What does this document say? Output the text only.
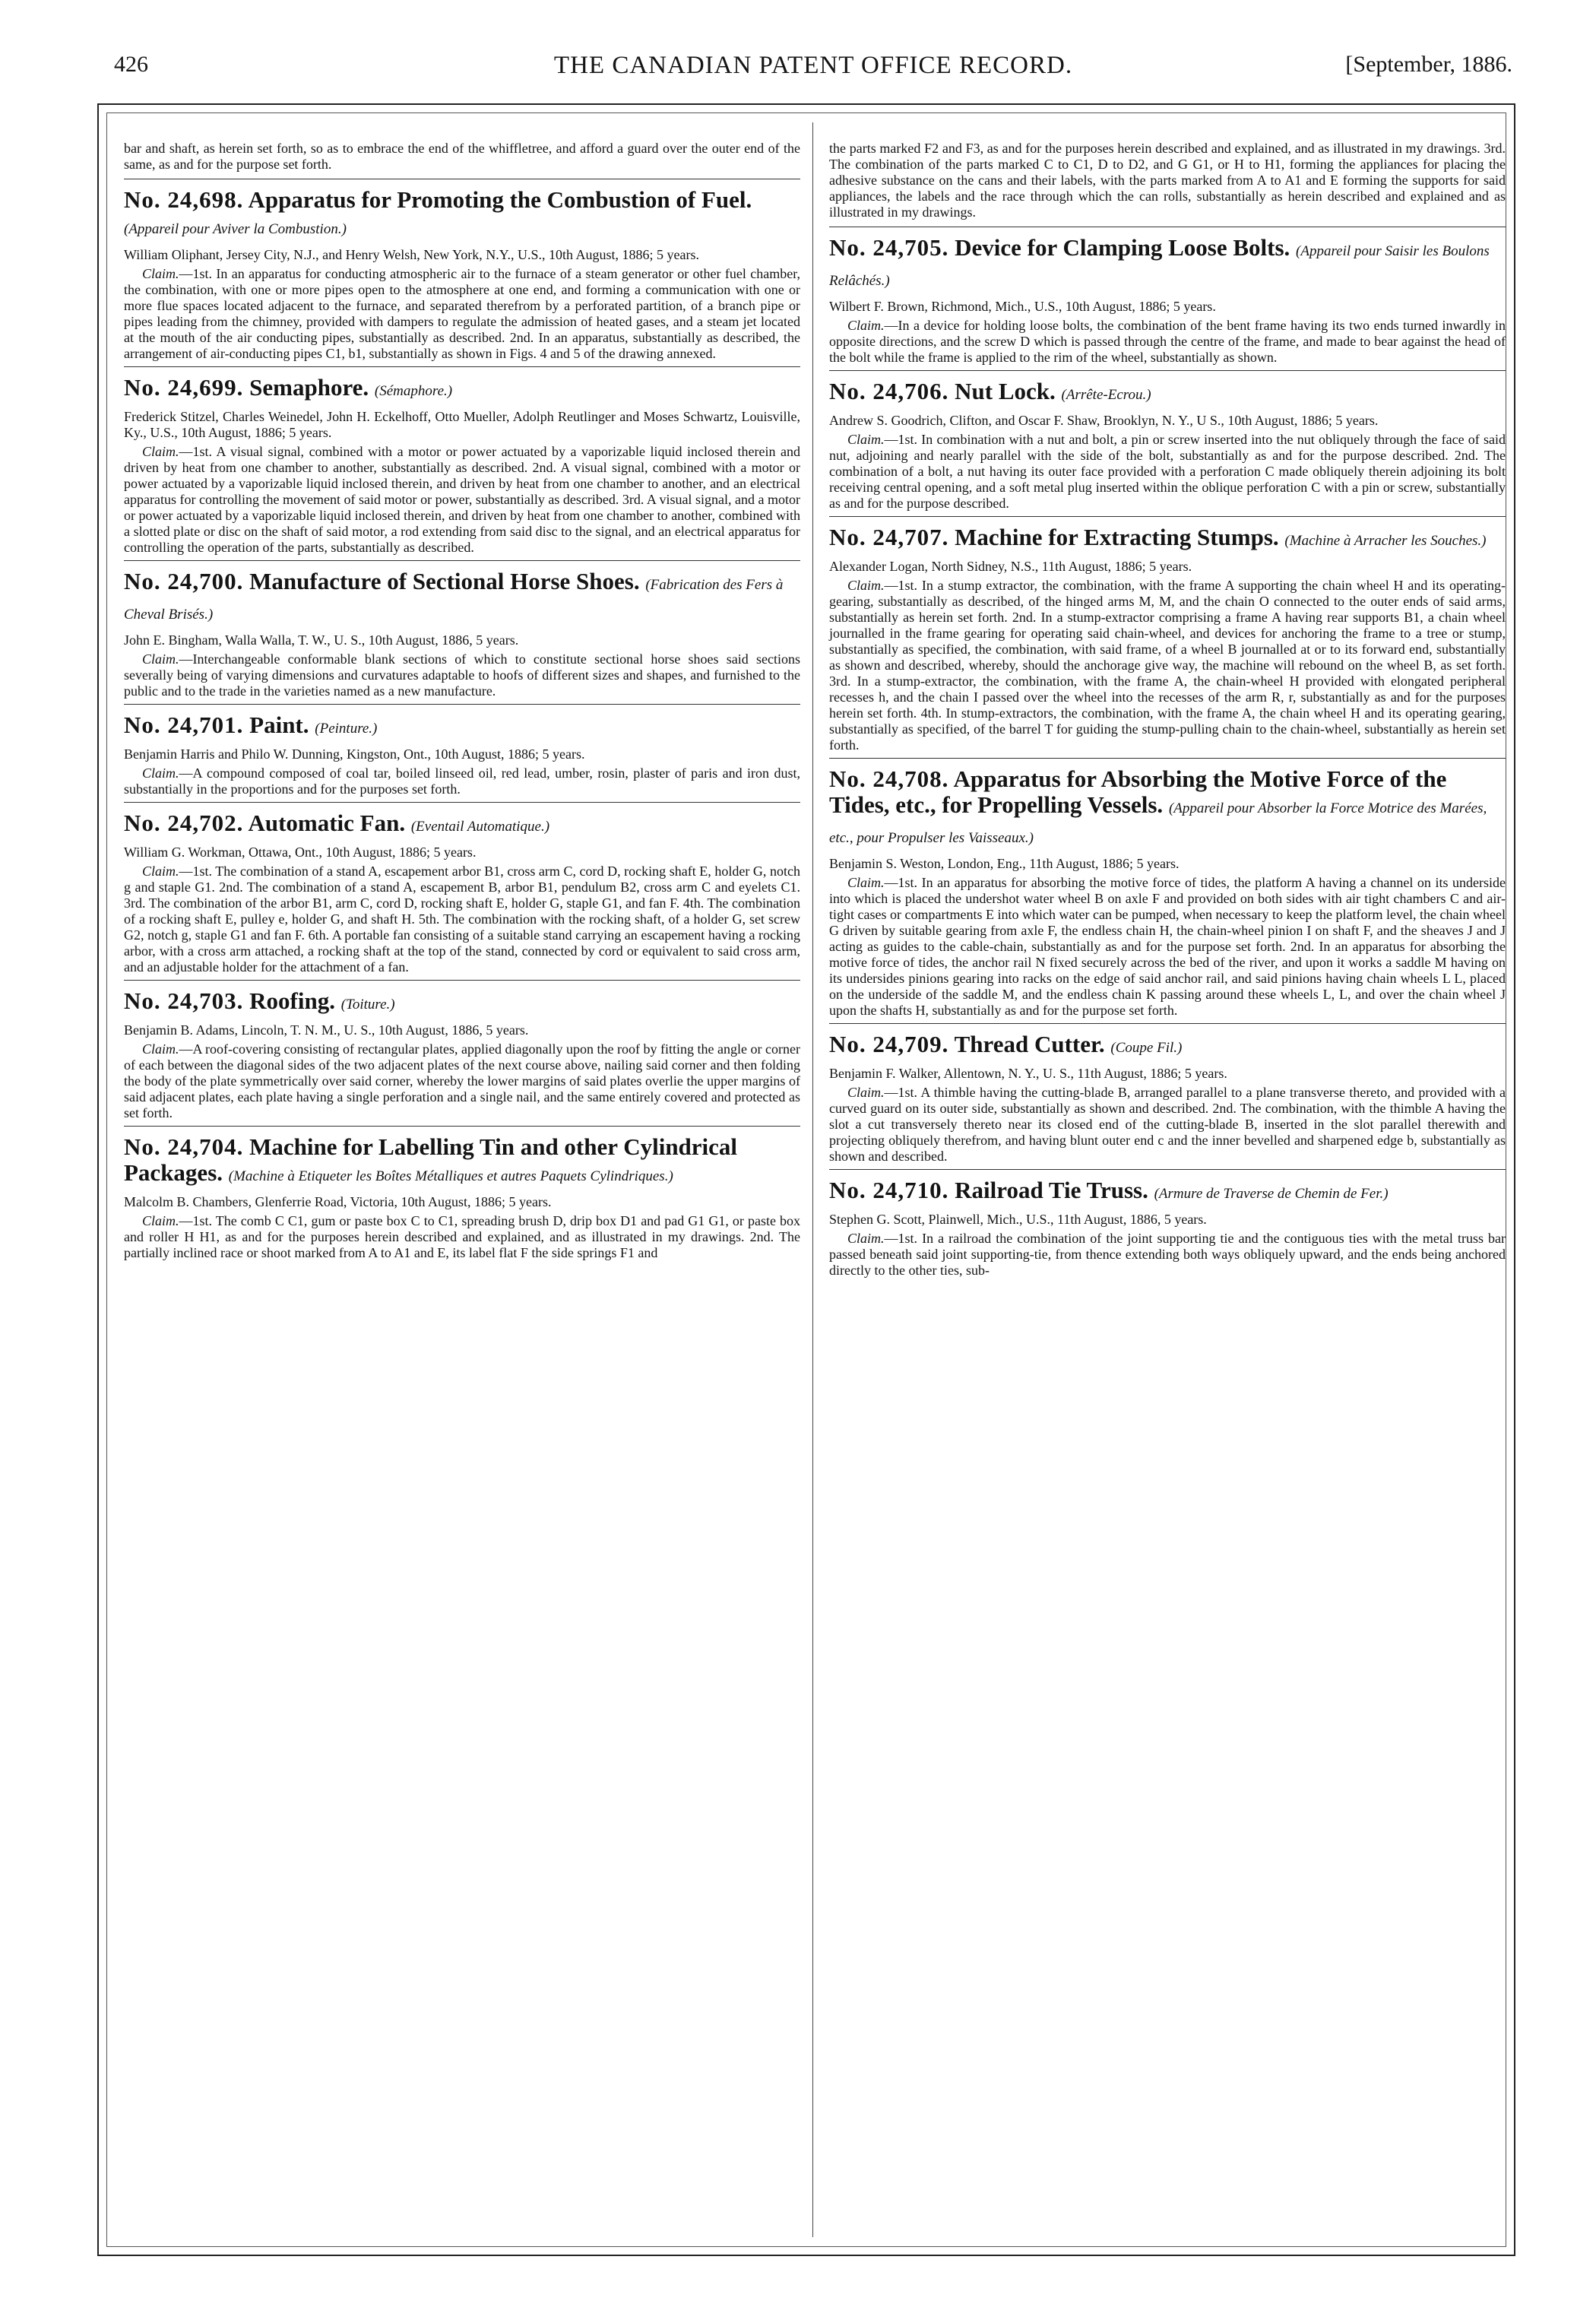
426	THE CANADIAN PATENT OFFICE RECORD.	[September, 1886.

bar and shaft, as herein set forth, so as to embrace the end of the whiffletree, and afford a guard over the outer end of the same, as and for the purpose set forth.

No. 24,698. Apparatus for Promoting the Combustion of Fuel. (Appareil pour Aviver la Combustion.)

William Oliphant, Jersey City, N.J., and Henry Welsh, New York, N.Y., U.S., 10th August, 1886; 5 years.

Claim.—1st. In an apparatus for conducting atmospheric air to the furnace of a steam generator or other fuel chamber, the combination, with one or more pipes open to the atmosphere at one end, and forming a communication with one or more flue spaces located adjacent to the furnace, and separated therefrom by a perforated partition, of a branch pipe or pipes leading from the chimney, provided with dampers to regulate the admission of heated gases, and a steam jet located at the mouth of the air conducting pipes, substantially as described. 2nd. In an apparatus, substantially as described, the arrangement of air-conducting pipes C1, b1, substantially as shown in Figs. 4 and 5 of the drawing annexed.

No. 24,699. Semaphore. (Sémaphore.)

Frederick Stitzel, Charles Weinedel, John H. Eckelhoff, Otto Mueller, Adolph Reutlinger and Moses Schwartz, Louisville, Ky., U.S., 10th August, 1886; 5 years.

Claim.—1st. A visual signal, combined with a motor or power actuated by a vaporizable liquid inclosed therein and driven by heat from one chamber to another, substantially as described. 2nd. A visual signal, combined with a motor or power actuated by a vaporizable liquid inclosed therein, and driven by heat from one chamber to another, and an electrical apparatus for controlling the movement of said motor or power, substantially as described. 3rd. A visual signal, and a motor or power actuated by a vaporizable liquid inclosed therein, and driven by heat from one chamber to another, combined with a slotted plate or disc on the shaft of said motor, a rod extending from said disc to the signal, and an electrical apparatus for controlling the operation of the parts, substantially as described.

No. 24,700. Manufacture of Sectional Horse Shoes. (Fabrication des Fers à Cheval Brisés.)

John E. Bingham, Walla Walla, T. W., U. S., 10th August, 1886, 5 years.

Claim.—Interchangeable conformable blank sections of which to constitute sectional horse shoes said sections severally being of varying dimensions and curvatures adaptable to hoofs of different sizes and shapes, and furnished to the public and to the trade in the varieties named as a new manufacture.

No. 24,701. Paint. (Peinture.)

Benjamin Harris and Philo W. Dunning, Kingston, Ont., 10th August, 1886; 5 years.

Claim.—A compound composed of coal tar, boiled linseed oil, red lead, umber, rosin, plaster of paris and iron dust, substantially in the proportions and for the purposes set forth.

No. 24,702. Automatic Fan. (Eventail Automatique.)

William G. Workman, Ottawa, Ont., 10th August, 1886; 5 years.

Claim.—1st. The combination of a stand A, escapement arbor B1, cross arm C, cord D, rocking shaft E, holder G, notch g and staple G1. 2nd. The combination of a stand A, escapement B, arbor B1, pendulum B2, cross arm C and eyelets C1. 3rd. The combination of the arbor B1, arm C, cord D, rocking shaft E, holder G, staple G1, and fan F. 4th. The combination of a rocking shaft E, pulley e, holder G, and shaft H. 5th. The combination with the rocking shaft, of a holder G, set screw G2, notch g, staple G1 and fan F. 6th. A portable fan consisting of a suitable stand carrying an escapement having a rocking arbor, with a cross arm attached, a rocking shaft at the top of the stand, connected by cord or equivalent to said cross arm, and an adjustable holder for the attachment of a fan.

No. 24,703. Roofing. (Toiture.)

Benjamin B. Adams, Lincoln, T. N. M., U. S., 10th August, 1886, 5 years.

Claim.—A roof-covering consisting of rectangular plates, applied diagonally upon the roof by fitting the angle or corner of each between the diagonal sides of the two adjacent plates of the next course above, nailing said corner and then folding the body of the plate symmetrically over said corner, whereby the lower margins of said plates overlie the upper margins of said adjacent plates, each plate having a single perforation and a single nail, and the same entirely covered and protected as set forth.

No. 24,704. Machine for Labelling Tin and other Cylindrical Packages. (Machine à Etiqueter les Boîtes Métalliques et autres Paquets Cylindriques.)

Malcolm B. Chambers, Glenferrie Road, Victoria, 10th August, 1886; 5 years.

Claim.—1st. The comb C C1, gum or paste box C to C1, spreading brush D, drip box D1 and pad G1 G1, or paste box and roller H H1, as and for the purposes herein described and explained, and as illustrated in my drawings. 2nd. The partially inclined race or shoot marked from A to A1 and E, its label flat F the side springs F1 and

the parts marked F2 and F3, as and for the purposes herein described and explained, and as illustrated in my drawings. 3rd. The combination of the parts marked C to C1, D to D2, and G G1, or H to H1, forming the appliances for placing the adhesive substance on the cans and their labels, with the parts marked from A to A1 and E forming the supports for said appliances, the labels and the race through which the can rolls, substantially as herein described and explained and as illustrated in my drawings.

No. 24,705. Device for Clamping Loose Bolts. (Appareil pour Saisir les Boulons Relâchés.)

Wilbert F. Brown, Richmond, Mich., U.S., 10th August, 1886; 5 years.

Claim.—In a device for holding loose bolts, the combination of the bent frame having its two ends turned inwardly in opposite directions, and the screw D which is passed through the centre of the frame, and made to bear against the head of the bolt while the frame is applied to the rim of the wheel, substantially as shown.

No. 24,706. Nut Lock. (Arrête-Ecrou.)

Andrew S. Goodrich, Clifton, and Oscar F. Shaw, Brooklyn, N. Y., U S., 10th August, 1886; 5 years.

Claim.—1st. In combination with a nut and bolt, a pin or screw inserted into the nut obliquely through the face of said nut, adjoining and nearly parallel with the side of the bolt, substantially as and for the purpose described. 2nd. The combination of a bolt, a nut having its outer face provided with a perforation C made obliquely therein adjoining its bolt receiving central opening, and a soft metal plug inserted within the oblique perforation C with a pin or screw, substantially as and for the purpose described.

No. 24,707. Machine for Extracting Stumps. (Machine à Arracher les Souches.)

Alexander Logan, North Sidney, N.S., 11th August, 1886; 5 years.

Claim.—1st. In a stump extractor, the combination, with the frame A supporting the chain wheel H and its operating-gearing, substantially as described, of the hinged arms M, M, and the chain O connected to the outer ends of said arms, substantially as herein set forth. 2nd. In a stump-extractor comprising a frame A having rear supports B1, a chain wheel journalled in the frame gearing for operating said chain-wheel, and devices for anchoring the frame to a tree or stump, substantially as specified, the combination, with said frame, of a wheel B journalled at or to its forward end, substantially as shown and described, whereby, should the anchorage give way, the machine will rebound on the wheel B, as set forth. 3rd. In a stump-extractor, the combination, with the frame A, the chain-wheel H provided with elongated peripheral recesses h, and the chain I passed over the wheel into the recesses of the arm R, r, substantially as and for the purposes herein set forth. 4th. In stump-extractors, the combination, with the frame A, the chain wheel H and its operating gearing, substantially as specified, of the barrel T for guiding the stump-pulling chain to the chain-wheel, substantially as herein set forth.

No. 24,708. Apparatus for Absorbing the Motive Force of the Tides, etc., for Propelling Vessels. (Appareil pour Absorber la Force Motrice des Marées, etc., pour Propulser les Vaisseaux.)

Benjamin S. Weston, London, Eng., 11th August, 1886; 5 years.

Claim.—1st. In an apparatus for absorbing the motive force of tides, the platform A having a channel on its underside into which is placed the undershot water wheel B on axle F and provided on both sides with air tight chambers C and air-tight cases or compartments E into which water can be pumped, when necessary to keep the platform level, the chain wheel G driven by suitable gearing from axle F, the endless chain H, the chain-wheel pinion I on shaft F, and the sheaves J and J acting as guides to the cable-chain, substantially as and for the purpose set forth. 2nd. In an apparatus for absorbing the motive force of tides, the anchor rail N fixed securely across the bed of the river, and upon it works a saddle M having on its undersides pinions gearing into racks on the edge of said anchor rail, and said pinions having chain wheels L L, placed on the underside of the saddle M, and the endless chain K passing around these wheels L, L, and over the chain wheel J upon the shafts H, substantially as and for the purpose set forth.

No. 24,709. Thread Cutter. (Coupe Fil.)

Benjamin F. Walker, Allentown, N. Y., U. S., 11th August, 1886; 5 years.

Claim.—1st. A thimble having the cutting-blade B, arranged parallel to a plane transverse thereto, and provided with a curved guard on its outer side, substantially as shown and described. 2nd. The combination, with the thimble A having the slot a cut transversely thereto near its closed end of the cutting-blade B, inserted in the slot parallel therewith and projecting obliquely therefrom, and having blunt outer end c and the inner bevelled and sharpened edge b, substantially as shown and described.

No. 24,710. Railroad Tie Truss. (Armure de Traverse de Chemin de Fer.)

Stephen G. Scott, Plainwell, Mich., U.S., 11th August, 1886, 5 years.

Claim.—1st. In a railroad the combination of the joint supporting tie and the contiguous ties with the metal truss bar passed beneath said joint supporting-tie, from thence extending both ways obliquely upward, and the ends being anchored directly to the other ties, sub-
